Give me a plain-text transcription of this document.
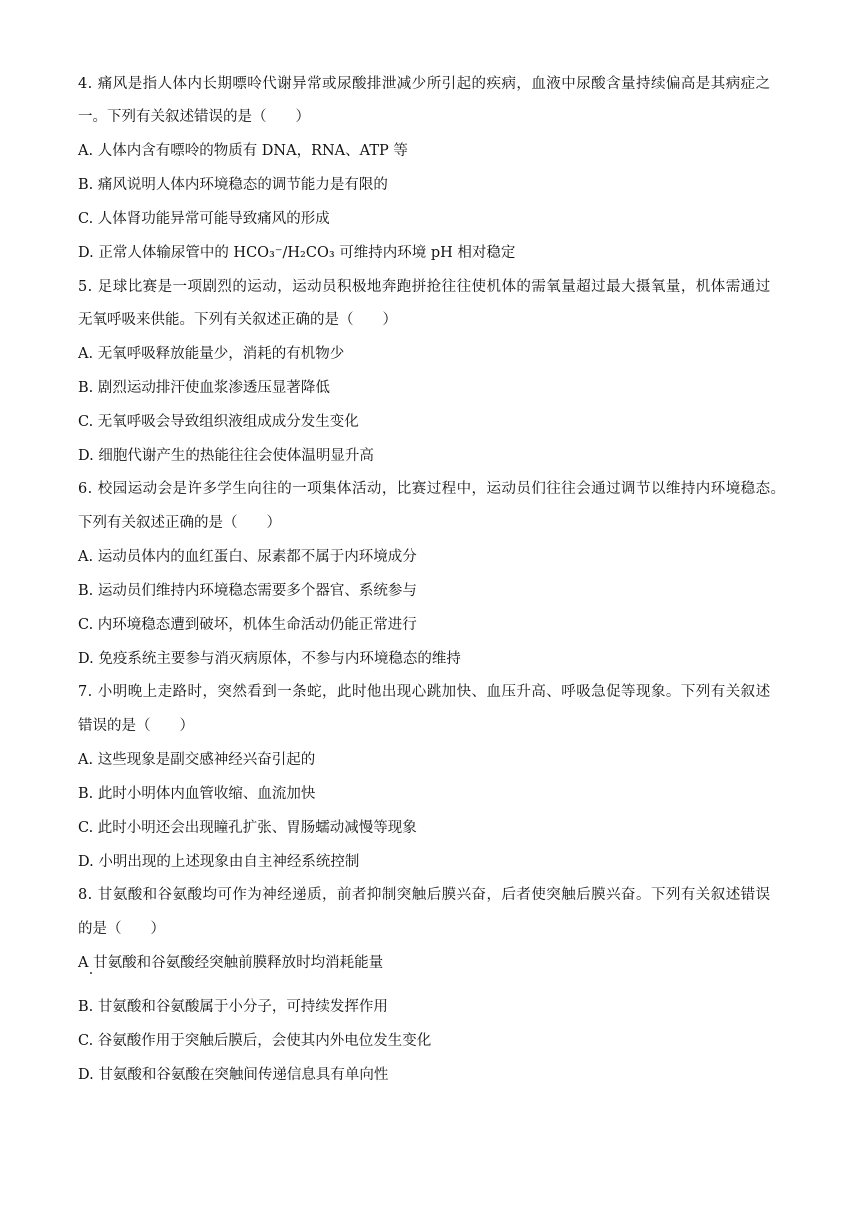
4. 痛风是指人体内长期嘌呤代谢异常或尿酸排泄减少所引起的疾病，血液中尿酸含量持续偏高是其病症之
一。下列有关叙述错误的是（　　）
A. 人体内含有嘌呤的物质有 DNA，RNA、ATP 等
B. 痛风说明人体内环境稳态的调节能力是有限的
C. 人体肾功能异常可能导致痛风的形成
D. 正常人体输尿管中的 HCO₃⁻/H₂CO₃ 可维持内环境 pH 相对稳定
5. 足球比赛是一项剧烈的运动，运动员积极地奔跑拼抢往往使机体的需氧量超过最大摄氧量，机体需通过
无氧呼吸来供能。下列有关叙述正确的是（　　）
A. 无氧呼吸释放能量少，消耗的有机物少
B. 剧烈运动排汗使血浆渗透压显著降低
C. 无氧呼吸会导致组织液组成成分发生变化
D. 细胞代谢产生的热能往往会使体温明显升高
6. 校园运动会是许多学生向往的一项集体活动，比赛过程中，运动员们往往会通过调节以维持内环境稳态。
下列有关叙述正确的是（　　）
A. 运动员体内的血红蛋白、尿素都不属于内环境成分
B. 运动员们维持内环境稳态需要多个器官、系统参与
C. 内环境稳态遭到破坏，机体生命活动仍能正常进行
D. 免疫系统主要参与消灭病原体，不参与内环境稳态的维持
7. 小明晚上走路时，突然看到一条蛇，此时他出现心跳加快、血压升高、呼吸急促等现象。下列有关叙述
错误的是（　　）
A. 这些现象是副交感神经兴奋引起的
B. 此时小明体内血管收缩、血流加快
C. 此时小明还会出现瞳孔扩张、胃肠蠕动减慢等现象
D. 小明出现的上述现象由自主神经系统控制
8. 甘氨酸和谷氨酸均可作为神经递质，前者抑制突触后膜兴奋，后者使突触后膜兴奋。下列有关叙述错误
的是（　　）
A 甘氨酸和谷氨酸经突触前膜释放时均消耗能量
B. 甘氨酸和谷氨酸属于小分子，可持续发挥作用
C. 谷氨酸作用于突触后膜后，会使其内外电位发生变化
D. 甘氨酸和谷氨酸在突触间传递信息具有单向性
